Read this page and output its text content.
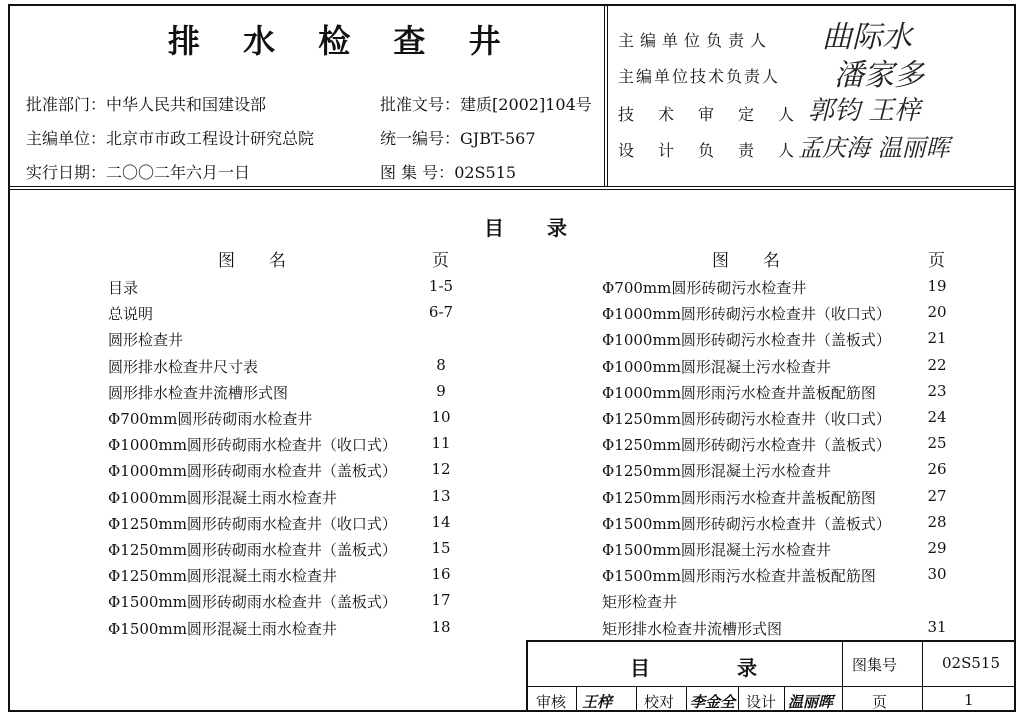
排 水 检 查 井
批准部门：中华人民共和国建设部	批准文号：建质[2002]104号
主编单位：北京市市政工程设计研究总院	统一编号：GJBT-567
实行日期：二〇〇二年六月一日	图 集 号：02S515
主编单位负责人 曲际水
主编单位技术负责人 潘家多
技术审定人
郭钧 王梓
设计负责人
孟庆海 温丽晖
目 录
图　　名	页	图　　名	页
目录	1-5
总说明	6-7
圆形检查井
圆形排水检查井尺寸表	8
圆形排水检查井流槽形式图	9
Φ700mm圆形砖砌雨水检查井	10
Φ1000mm圆形砖砌雨水检查井（收口式）	11
Φ1000mm圆形砖砌雨水检查井（盖板式）	12
Φ1000mm圆形混凝土雨水检查井	13
Φ1250mm圆形砖砌雨水检查井（收口式）	14
Φ1250mm圆形砖砌雨水检查井（盖板式）	15
Φ1250mm圆形混凝土雨水检查井	16
Φ1500mm圆形砖砌雨水检查井（盖板式）	17
Φ1500mm圆形混凝土雨水检查井	18
Φ700mm圆形砖砌污水检查井	19
Φ1000mm圆形砖砌污水检查井（收口式）	20
Φ1000mm圆形砖砌污水检查井（盖板式）	21
Φ1000mm圆形混凝土污水检查井	22
Φ1000mm圆形雨污水检查井盖板配筋图	23
Φ1250mm圆形砖砌污水检查井（收口式）	24
Φ1250mm圆形砖砌污水检查井（盖板式）	25
Φ1250mm圆形混凝土污水检查井	26
Φ1250mm圆形雨污水检查井盖板配筋图	27
Φ1500mm圆形砖砌污水检查井（盖板式）	28
Φ1500mm圆形混凝土污水检查井	29
Φ1500mm圆形雨污水检查井盖板配筋图	30
矩形检查井
矩形排水检查井流槽形式图	31
目 录	图集号	02S515
审核 王梓 校对 李金全 设计 温丽晖	页	1
